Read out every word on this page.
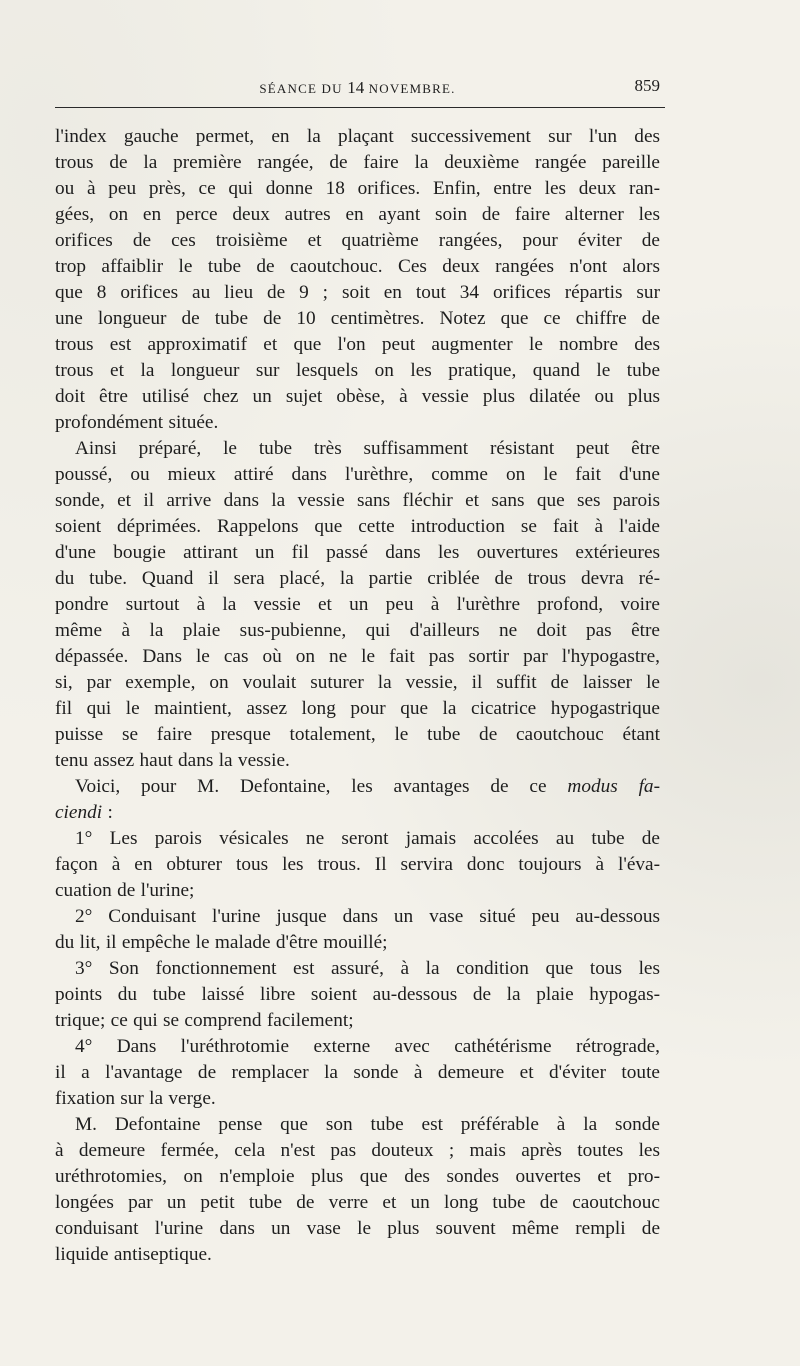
SÉANCE DU 14 NOVEMBRE.	859
l'index gauche permet, en la plaçant successivement sur l'un des
trous de la première rangée, de faire la deuxième rangée pareille
ou à peu près, ce qui donne 18 orifices. Enfin, entre les deux ran-
gées, on en perce deux autres en ayant soin de faire alterner les
orifices de ces troisième et quatrième rangées, pour éviter de
trop affaiblir le tube de caoutchouc. Ces deux rangées n'ont alors
que 8 orifices au lieu de 9 ; soit en tout 34 orifices répartis sur
une longueur de tube de 10 centimètres. Notez que ce chiffre de
trous est approximatif et que l'on peut augmenter le nombre des
trous et la longueur sur lesquels on les pratique, quand le tube
doit être utilisé chez un sujet obèse, à vessie plus dilatée ou plus
profondément située.
Ainsi préparé, le tube très suffisamment résistant peut être
poussé, ou mieux attiré dans l'urèthre, comme on le fait d'une
sonde, et il arrive dans la vessie sans fléchir et sans que ses parois
soient déprimées. Rappelons que cette introduction se fait à l'aide
d'une bougie attirant un fil passé dans les ouvertures extérieures
du tube. Quand il sera placé, la partie criblée de trous devra ré-
pondre surtout à la vessie et un peu à l'urèthre profond, voire
même à la plaie sus-pubienne, qui d'ailleurs ne doit pas être
dépassée. Dans le cas où on ne le fait pas sortir par l'hypogastre,
si, par exemple, on voulait suturer la vessie, il suffit de laisser le
fil qui le maintient, assez long pour que la cicatrice hypogastrique
puisse se faire presque totalement, le tube de caoutchouc étant
tenu assez haut dans la vessie.
Voici, pour M. Defontaine, les avantages de ce modus fa-
ciendi :
1° Les parois vésicales ne seront jamais accolées au tube de
façon à en obturer tous les trous. Il servira donc toujours à l'éva-
cuation de l'urine;
2° Conduisant l'urine jusque dans un vase situé peu au-dessous
du lit, il empêche le malade d'être mouillé;
3° Son fonctionnement est assuré, à la condition que tous les
points du tube laissé libre soient au-dessous de la plaie hypogas-
trique; ce qui se comprend facilement;
4° Dans l'uréthrotomie externe avec cathétérisme rétrograde,
il a l'avantage de remplacer la sonde à demeure et d'éviter toute
fixation sur la verge.
M. Defontaine pense que son tube est préférable à la sonde
à demeure fermée, cela n'est pas douteux ; mais après toutes les
uréthrotomies, on n'emploie plus que des sondes ouvertes et pro-
longées par un petit tube de verre et un long tube de caoutchouc
conduisant l'urine dans un vase le plus souvent même rempli de
liquide antiseptique.
